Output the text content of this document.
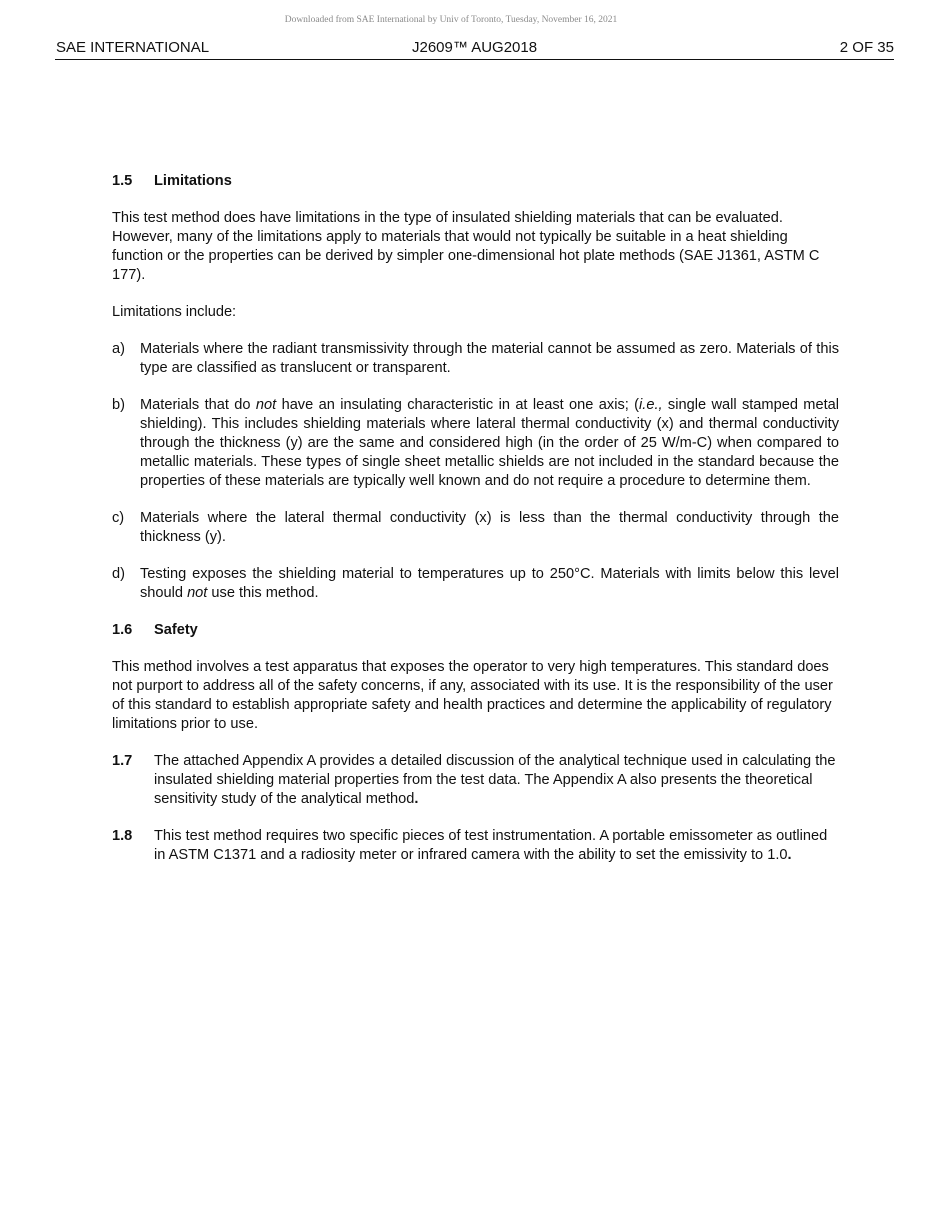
Downloaded from SAE International by Univ of Toronto, Tuesday, November 16, 2021
SAE INTERNATIONAL	J2609™ AUG2018	2 OF 35
1.5	Limitations

This test method does have limitations in the type of insulated shielding materials that can be evaluated. However, many of the limitations apply to materials that would not typically be suitable in a heat shielding function or the properties can be derived by simpler one-dimensional hot plate methods (SAE J1361, ASTM C 177).

Limitations include:

a)	Materials where the radiant transmissivity through the material cannot be assumed as zero. Materials of this type are classified as translucent or transparent.
b)	Materials that do not have an insulating characteristic in at least one axis; (i.e., single wall stamped metal shielding). This includes shielding materials where lateral thermal conductivity (x) and thermal conductivity through the thickness (y) are the same and considered high (in the order of 25 W/m-C) when compared to metallic materials. These types of single sheet metallic shields are not included in the standard because the properties of these materials are typically well known and do not require a procedure to determine them.
c)	Materials where the lateral thermal conductivity (x) is less than the thermal conductivity through the thickness (y).
d)	Testing exposes the shielding material to temperatures up to 250°C. Materials with limits below this level should not use this method.
1.6	Safety

This method involves a test apparatus that exposes the operator to very high temperatures. This standard does not purport to address all of the safety concerns, if any, associated with its use. It is the responsibility of the user of this standard to establish appropriate safety and health practices and determine the applicability of regulatory limitations prior to use.

1.7	The attached Appendix A provides a detailed discussion of the analytical technique used in calculating the insulated shielding material properties from the test data. The Appendix A also presents the theoretical sensitivity study of the analytical method.
1.8	This test method requires two specific pieces of test instrumentation. A portable emissometer as outlined in ASTM C1371 and a radiosity meter or infrared camera with the ability to set the emissivity to 1.0.
